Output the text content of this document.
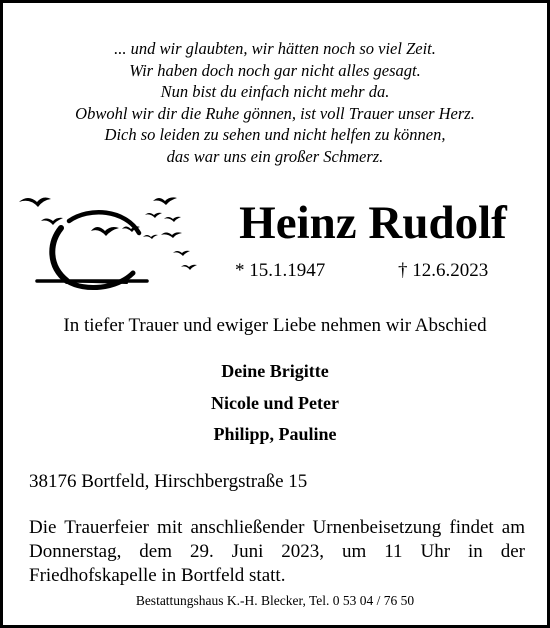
... und wir glaubten, wir hätten noch so viel Zeit.
Wir haben doch noch gar nicht alles gesagt.
Nun bist du einfach nicht mehr da.
Obwohl wir dir die Ruhe gönnen, ist voll Trauer unser Herz.
Dich so leiden zu sehen und nicht helfen zu können,
das war uns ein großer Schmerz.
Heinz Rudolf
* 15.1.1947	† 12.6.2023
In tiefer Trauer und ewiger Liebe nehmen wir Abschied
Deine Brigitte
Nicole und Peter
Philipp, Pauline
38176 Bortfeld, Hirschbergstraße 15
Die Trauerfeier mit anschließender Urnenbeisetzung findet am Donnerstag, dem 29. Juni 2023, um 11 Uhr in der Friedhofskapelle in Bortfeld statt.
Bestattungshaus K.-H. Blecker, Tel. 0 53 04 / 76 50
